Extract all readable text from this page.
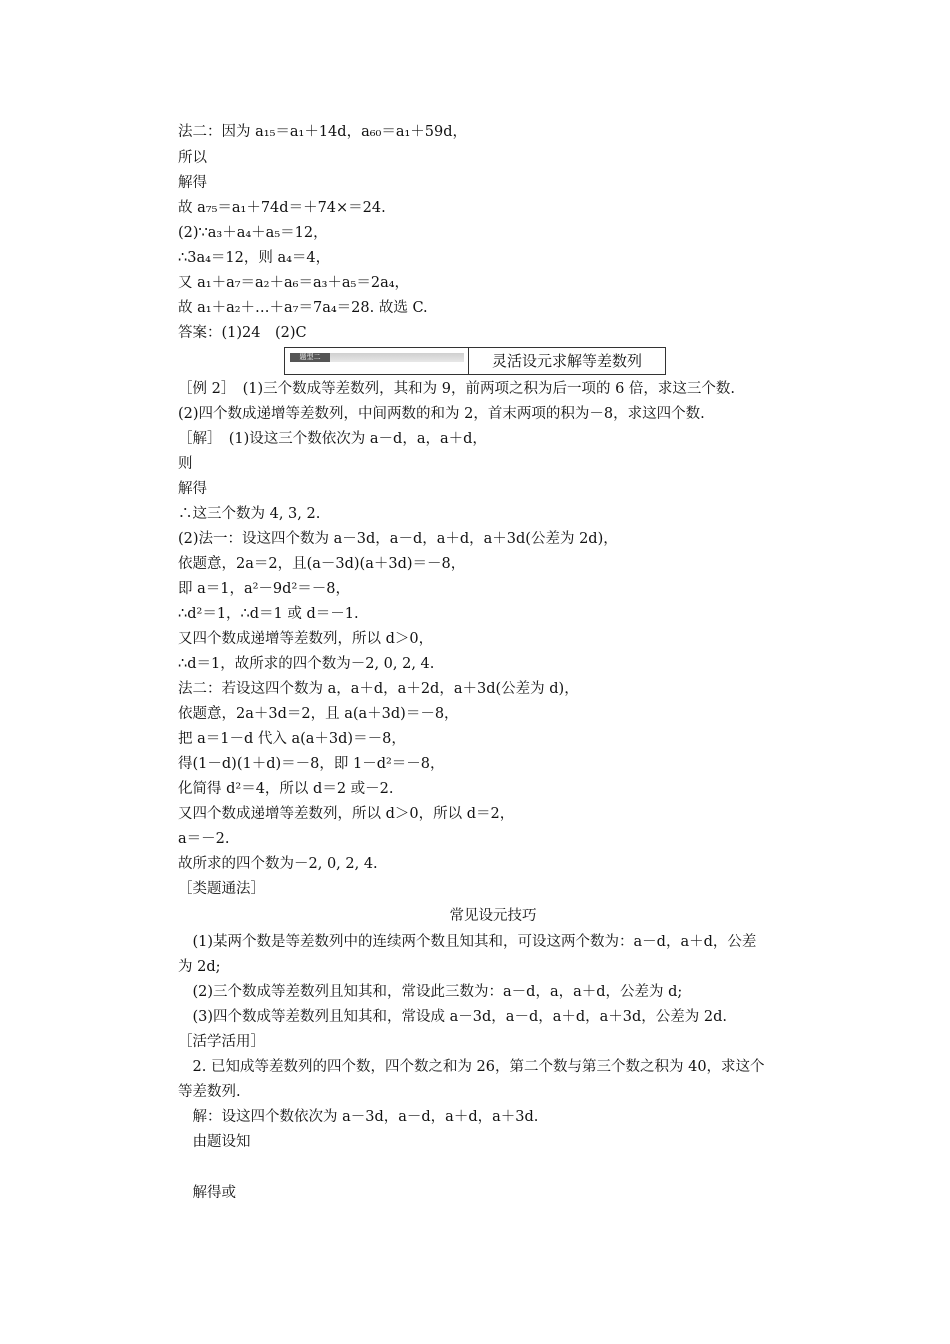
法二：因为 a₁₅＝a₁＋14d，a₆₀＝a₁＋59d，
所以
解得
故 a₇₅＝a₁＋74d＝＋74×＝24.
(2)∵a₃＋a₄＋a₅＝12，
∴3a₄＝12，则 a₄＝4，
又 a₁＋a₇＝a₂＋a₆＝a₃＋a₅＝2a₄，
故 a₁＋a₂＋…＋a₇＝7a₄＝28. 故选 C.
答案：(1)24　(2)C
题型二	灵活设元求解等差数列
［例 2］　(1)三个数成等差数列，其和为 9，前两项之积为后一项的 6 倍，求这三个数.
(2)四个数成递增等差数列，中间两数的和为 2，首末两项的积为－8，求这四个数.
［解］　(1)设这三个数依次为 a－d，a，a＋d，
则
解得
∴这三个数为 4, 3, 2.
(2)法一：设这四个数为 a－3d，a－d，a＋d，a＋3d(公差为 2d)，
依题意，2a＝2，且(a－3d)(a＋3d)＝－8，
即 a＝1，a²－9d²＝－8，
∴d²＝1，∴d＝1 或 d＝－1.
又四个数成递增等差数列，所以 d＞0，
∴d＝1，故所求的四个数为－2, 0, 2, 4.
法二：若设这四个数为 a，a＋d，a＋2d，a＋3d(公差为 d)，
依题意，2a＋3d＝2，且 a(a＋3d)＝－8，
把 a＝1－d 代入 a(a＋3d)＝－8，
得(1－d)(1＋d)＝－8，即 1－d²＝－8，
化简得 d²＝4，所以 d＝2 或－2.
又四个数成递增等差数列，所以 d＞0，所以 d＝2，
a＝－2.
故所求的四个数为－2, 0, 2, 4.
［类题通法］
常见设元技巧
　(1)某两个数是等差数列中的连续两个数且知其和，可设这两个数为：a－d，a＋d，公差
为 2d;
　(2)三个数成等差数列且知其和，常设此三数为：a－d，a，a＋d，公差为 d;
　(3)四个数成等差数列且知其和，常设成 a－3d，a－d，a＋d，a＋3d，公差为 2d.
［活学活用］
　2. 已知成等差数列的四个数，四个数之和为 26，第二个数与第三个数之积为 40，求这个
等差数列.
　解：设这四个数依次为 a－3d，a－d，a＋d，a＋3d.
　由题设知
　解得或
